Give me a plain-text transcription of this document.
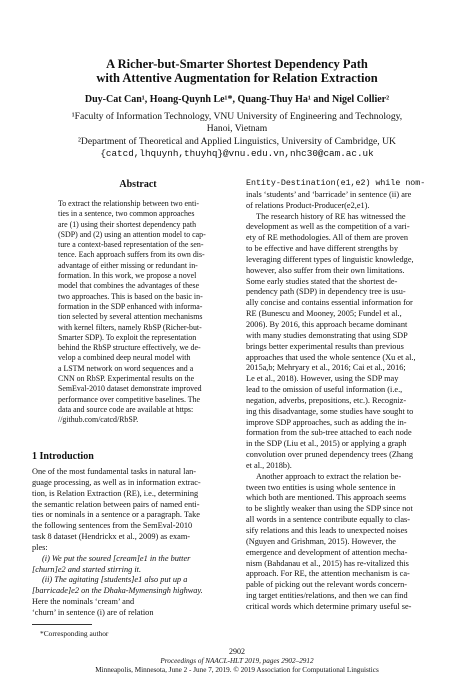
A Richer-but-Smarter Shortest Dependency Path
with Attentive Augmentation for Relation Extraction
Duy-Cat Can¹, Hoang-Quynh Le¹*, Quang-Thuy Ha¹ and Nigel Collier²
¹Faculty of Information Technology, VNU University of Engineering and Technology,
Hanoi, Vietnam
²Department of Theoretical and Applied Linguistics, University of Cambridge, UK
{catcd,lhquynh,thuyhq}@vnu.edu.vn,nhc30@cam.ac.uk
Abstract
To extract the relationship between two enti-
ties in a sentence, two common approaches
are (1) using their shortest dependency path
(SDP) and (2) using an attention model to cap-
ture a context-based representation of the sen-
tence. Each approach suffers from its own dis-
advantage of either missing or redundant in-
formation. In this work, we propose a novel
model that combines the advantages of these
two approaches. This is based on the basic in-
formation in the SDP enhanced with informa-
tion selected by several attention mechanisms
with kernel filters, namely RbSP (Richer-but-
Smarter SDP). To exploit the representation
behind the RbSP structure effectively, we de-
velop a combined deep neural model with
a LSTM network on word sequences and a
CNN on RbSP. Experimental results on the
SemEval-2010 dataset demonstrate improved
performance over competitive baselines. The
data and source code are available at https:
//github.com/catcd/RbSP.
1 Introduction
One of the most fundamental tasks in natural lan-
guage processing, as well as in information extrac-
tion, is Relation Extraction (RE), i.e., determining
the semantic relation between pairs of named enti-
ties or nominals in a sentence or a paragraph. Take
the following sentences from the SemEval-2010
task 8 dataset (Hendrickx et al., 2009) as exam-
ples:
(i) We put the soured [cream]e1 in the butter
[churn]e2 and started stirring it.
(ii) The agitating [students]e1 also put up a
[barricade]e2 on the Dhaka-Mymensingh highway.
Here the nominals ‘cream’ and
‘churn’ in sentence (i) are of relation
*Corresponding author
Entity-Destination(e1,e2) while nom-
inals ‘students’ and ‘barricade’ in sentence (ii) are
of relations Product-Producer(e2,e1).
The research history of RE has witnessed the
development as well as the competition of a vari-
ety of RE methodologies. All of them are proven
to be effective and have different strengths by
leveraging different types of linguistic knowledge,
however, also suffer from their own limitations.
Some early studies stated that the shortest de-
pendency path (SDP) in dependency tree is usu-
ally concise and contains essential information for
RE (Bunescu and Mooney, 2005; Fundel et al.,
2006). By 2016, this approach became dominant
with many studies demonstrating that using SDP
brings better experimental results than previous
approaches that used the whole sentence (Xu et al.,
2015a,b; Mehryary et al., 2016; Cai et al., 2016;
Le et al., 2018). However, using the SDP may
lead to the omission of useful information (i.e.,
negation, adverbs, prepositions, etc.). Recogniz-
ing this disadvantage, some studies have sought to
improve SDP approaches, such as adding the in-
formation from the sub-tree attached to each node
in the SDP (Liu et al., 2015) or applying a graph
convolution over pruned dependency trees (Zhang
et al., 2018b).
Another approach to extract the relation be-
tween two entities is using whole sentence in
which both are mentioned. This approach seems
to be slightly weaker than using the SDP since not
all words in a sentence contribute equally to clas-
sify relations and this leads to unexpected noises
(Nguyen and Grishman, 2015). However, the
emergence and development of attention mecha-
nism (Bahdanau et al., 2015) has re-vitalized this
approach. For RE, the attention mechanism is ca-
pable of picking out the relevant words concern-
ing target entities/relations, and then we can find
critical words which determine primary useful se-
2902
Proceedings of NAACL-HLT 2019, pages 2902–2912
Minneapolis, Minnesota, June 2 - June 7, 2019. © 2019 Association for Computational Linguistics
